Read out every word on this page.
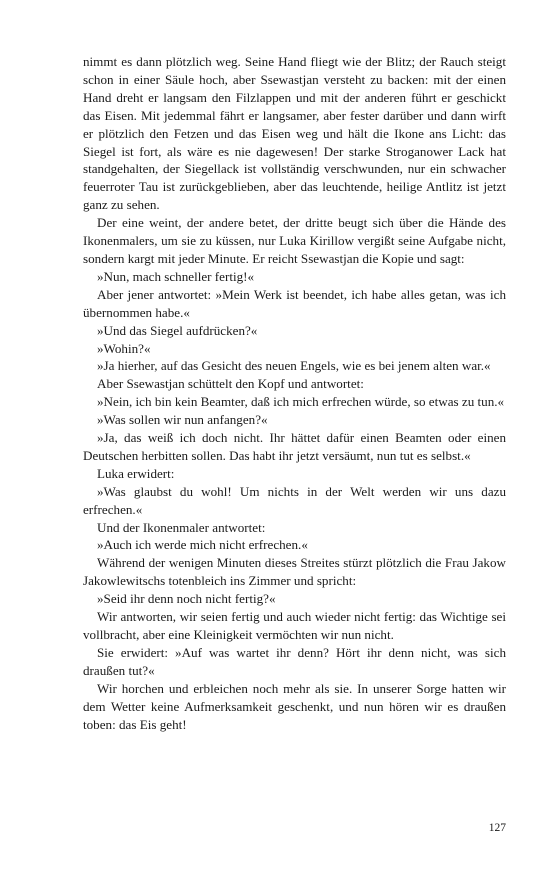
nimmt es dann plötzlich weg. Seine Hand fliegt wie der Blitz; der Rauch steigt schon in einer Säule hoch, aber Ssewastjan versteht zu backen: mit der einen Hand dreht er langsam den Filzlappen und mit der anderen führt er geschickt das Eisen. Mit jedemmal fährt er langsamer, aber fester darüber und dann wirft er plötzlich den Fetzen und das Eisen weg und hält die Ikone ans Licht: das Siegel ist fort, als wäre es nie dagewesen! Der starke Stroganower Lack hat standgehalten, der Siegellack ist vollständig verschwunden, nur ein schwacher feuerroter Tau ist zurückgeblieben, aber das leuchtende, heilige Antlitz ist jetzt ganz zu sehen.

Der eine weint, der andere betet, der dritte beugt sich über die Hände des Ikonenmalers, um sie zu küssen, nur Luka Kirillow vergißt seine Aufgabe nicht, sondern kargt mit jeder Minute. Er reicht Ssewastjan die Kopie und sagt:

»Nun, mach schneller fertig!«

Aber jener antwortet: »Mein Werk ist beendet, ich habe alles getan, was ich übernommen habe.«

»Und das Siegel aufdrücken?«

»Wohin?«

»Ja hierher, auf das Gesicht des neuen Engels, wie es bei jenem alten war.«

Aber Ssewastjan schüttelt den Kopf und antwortet:

»Nein, ich bin kein Beamter, daß ich mich erfrechen würde, so etwas zu tun.«

»Was sollen wir nun anfangen?«

»Ja, das weiß ich doch nicht. Ihr hättet dafür einen Beamten oder einen Deutschen herbitten sollen. Das habt ihr jetzt versäumt, nun tut es selbst.«

Luka erwidert:

»Was glaubst du wohl! Um nichts in der Welt werden wir uns dazu erfrechen.«

Und der Ikonenmaler antwortet:

»Auch ich werde mich nicht erfrechen.«

Während der wenigen Minuten dieses Streites stürzt plötzlich die Frau Jakow Jakowlewitschs totenbleich ins Zimmer und spricht:

»Seid ihr denn noch nicht fertig?«

Wir antworten, wir seien fertig und auch wieder nicht fertig: das Wichtige sei vollbracht, aber eine Kleinigkeit vermöchten wir nun nicht.

Sie erwidert: »Auf was wartet ihr denn? Hört ihr denn nicht, was sich draußen tut?«

Wir horchen und erbleichen noch mehr als sie. In unserer Sorge hatten wir dem Wetter keine Aufmerksamkeit geschenkt, und nun hören wir es draußen toben: das Eis geht!

127
